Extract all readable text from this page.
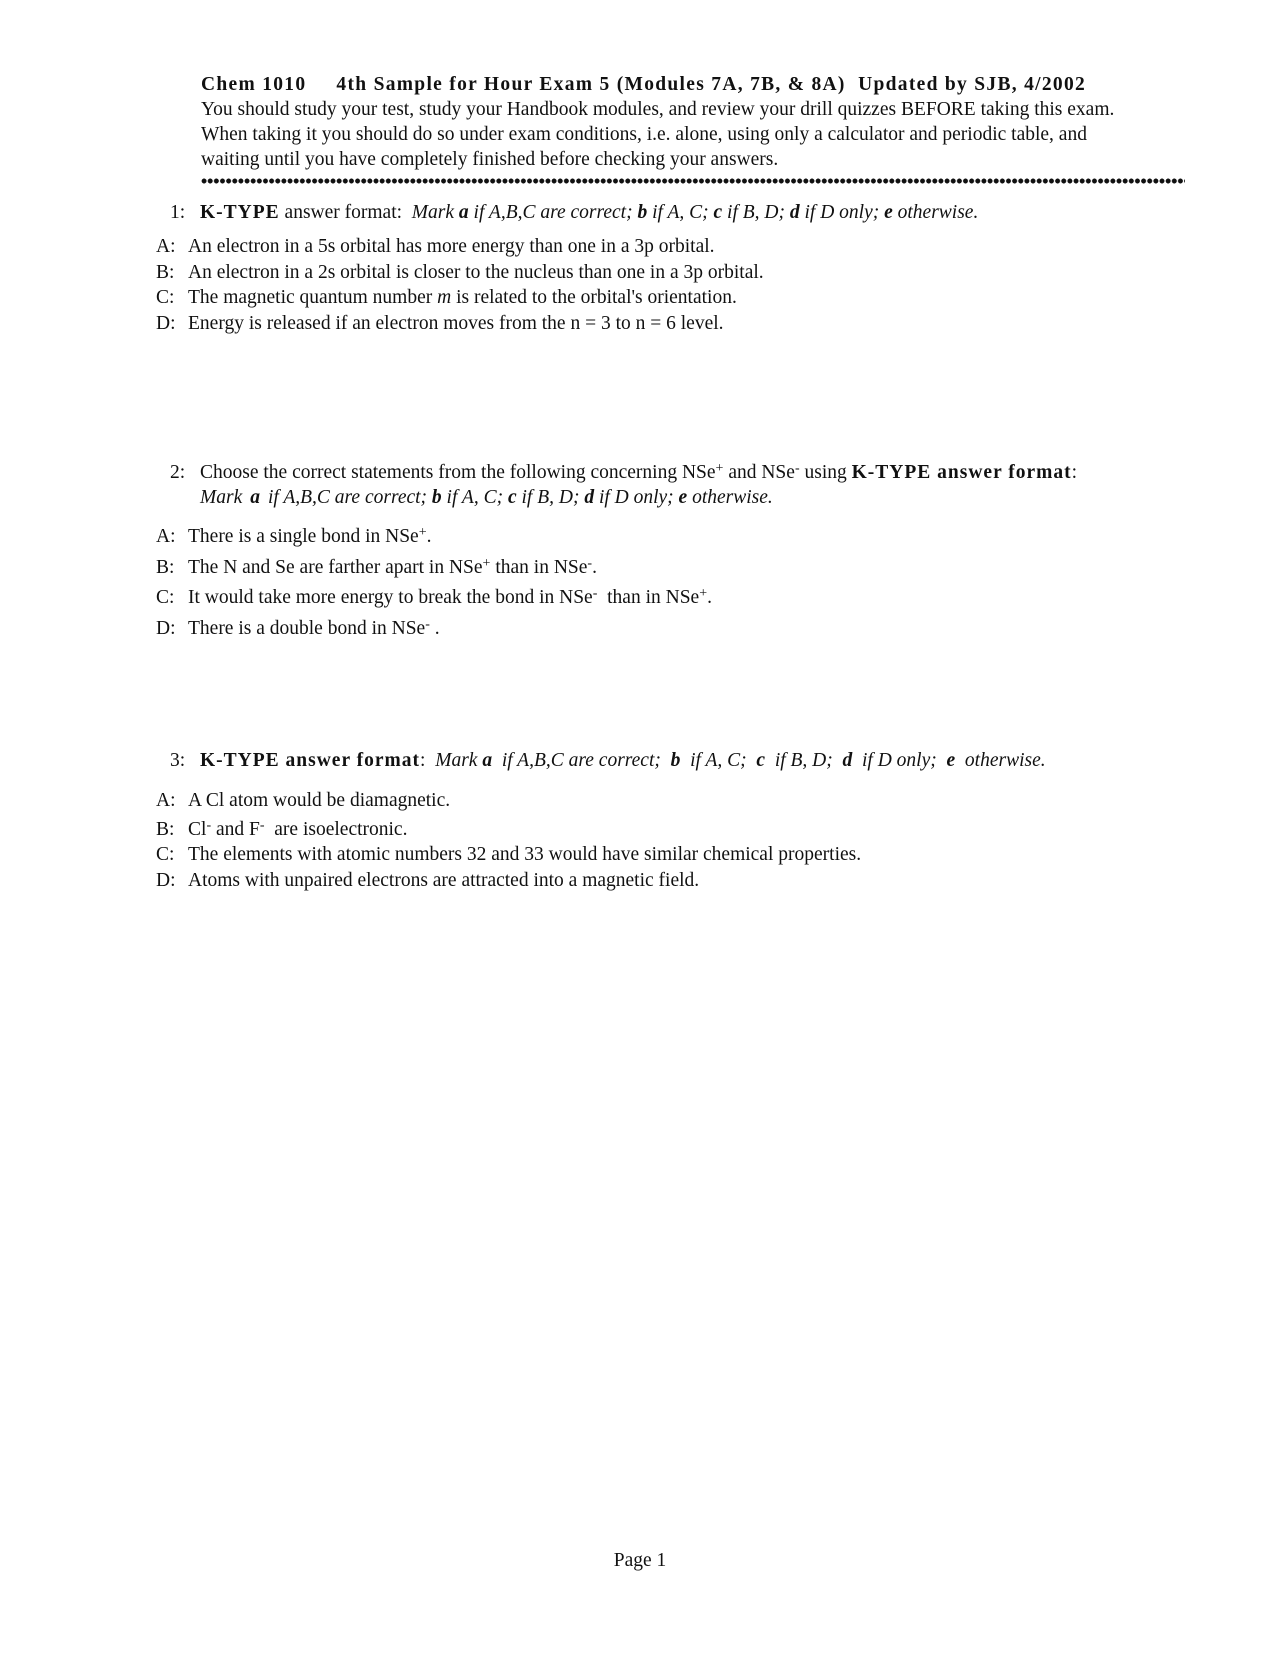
Chem 1010 4th Sample for Hour Exam 5 (Modules 7A, 7B, & 8A) Updated by SJB, 4/2002
You should study your test, study your Handbook modules, and review your drill quizzes BEFORE taking this exam.
When taking it you should do so under exam conditions, i.e. alone, using only a calculator and periodic table, and
waiting until you have completely finished before checking your answers.
1: K-TYPE answer format: Mark a if A,B,C are correct; b if A, C; c if B, D; d if D only; e otherwise.
A: An electron in a 5s orbital has more energy than one in a 3p orbital.
B: An electron in a 2s orbital is closer to the nucleus than one in a 3p orbital.
C: The magnetic quantum number m is related to the orbital's orientation.
D: Energy is released if an electron moves from the n = 3 to n = 6 level.
2: Choose the correct statements from the following concerning NSe+ and NSe- using K-TYPE answer format:
Mark a if A,B,C are correct; b if A, C; c if B, D; d if D only; e otherwise.
A: There is a single bond in NSe+.
B: The N and Se are farther apart in NSe+ than in NSe-.
C: It would take more energy to break the bond in NSe- than in NSe+.
D: There is a double bond in NSe- .
3: K-TYPE answer format:  Mark a if A,B,C are correct; b if A, C; c if B, D; d if D only; e otherwise.
A: A Cl atom would be diamagnetic.
B: Cl- and F- are isoelectronic.
C: The elements with atomic numbers 32 and 33 would have similar chemical properties.
D: Atoms with unpaired electrons are attracted into a magnetic field.
Page 1
